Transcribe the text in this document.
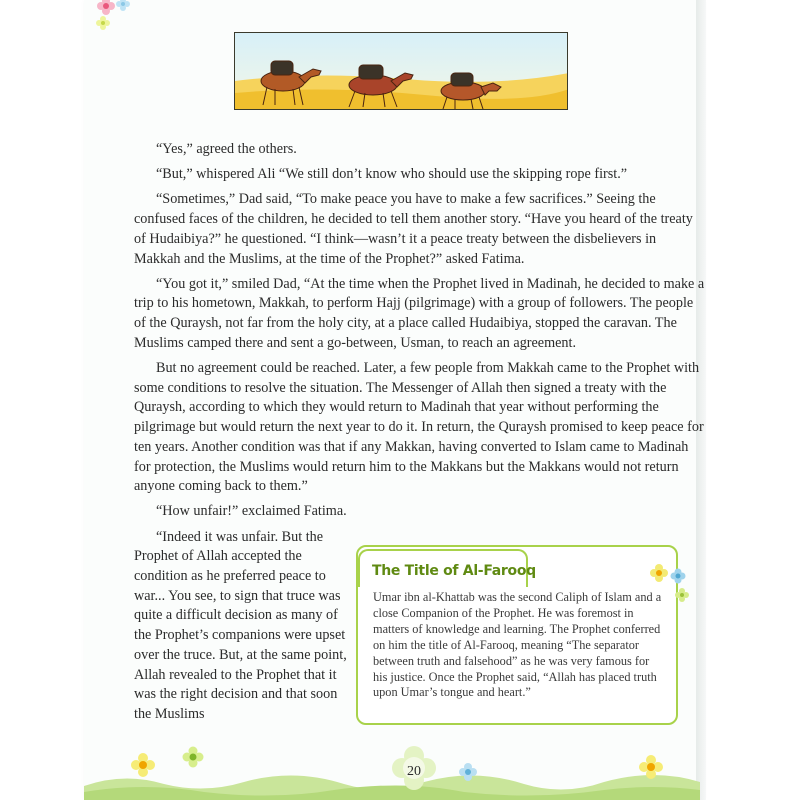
“Yes,” agreed the others.

“But,” whispered Ali “We still don’t know who should use the skipping rope first.”

“Sometimes,” Dad said, “To make peace you have to make a few sacrifices.” Seeing the confused faces of the children, he decided to tell them another story. “Have you heard of the treaty of Hudaibiya?” he questioned. “I think—wasn’t it a peace treaty between the disbelievers in Makkah and the Muslims, at the time of the Prophet?” asked Fatima.

“You got it,” smiled Dad, “At the time when the Prophet lived in Madinah, he decided to make a trip to his hometown, Makkah, to perform Hajj (pilgrimage) with a group of followers. The people of the Quraysh, not far from the holy city, at a place called Hudaibiya, stopped the caravan. The Muslims camped there and sent a go-between, Usman, to reach an agreement.

But no agreement could be reached. Later, a few people from Makkah came to the Prophet with some conditions to resolve the situation. The Messenger of Allah then signed a treaty with the Quraysh, according to which they would return to Madinah that year without performing the pilgrimage but would return the next year to do it. In return, the Quraysh promised to keep peace for ten years. Another condition was that if any Makkan, having converted to Islam came to Madinah for protection, the Muslims would return him to the Makkans but the Makkans would not return anyone coming back to them.”

“How unfair!” exclaimed Fatima.

“Indeed it was unfair. But the Prophet of Allah accepted the condition as he preferred peace to war... You see, to sign that truce was quite a difficult decision as many of the Prophet’s companions were upset over the truce. But, at the same point, Allah revealed to the Prophet that it was the right decision and that soon the Muslims

The Title of Al-Farooq
Umar ibn al-Khattab was the second Caliph of Islam and a close Companion of the Prophet. He was foremost in matters of knowledge and learning. The Prophet conferred on him the title of Al-Farooq, meaning “The separator between truth and falsehood” as he was very famous for his justice. Once the Prophet said, “Allah has placed truth upon Umar’s tongue and heart.”
20
